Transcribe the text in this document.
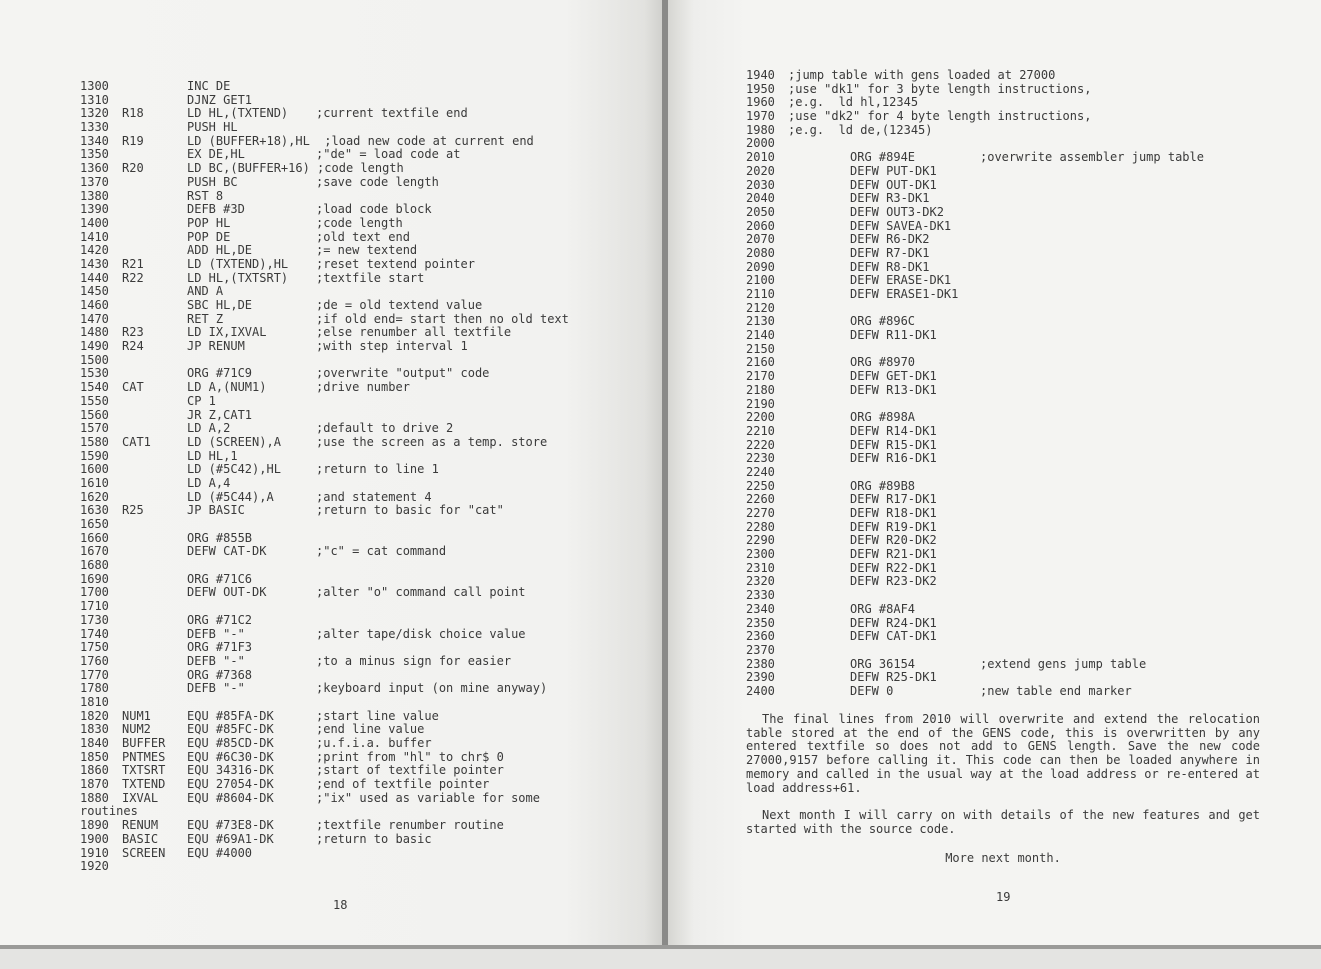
1300	INC DE
1310	DJNZ GET1
1320 R18	LD HL,(TXTEND) ;current textfile end
1330	PUSH HL
1340 R19	LD (BUFFER+18),HL  ;load new code at current end
1350	EX DE,HL	;"de" = load code at
1360 R20	LD BC,(BUFFER+16) ;code length
1370	PUSH BC	;save code length
1380	RST 8
1390	DEFB #3D	;load code block
1400	POP HL	;code length
1410	POP DE	;old text end
1420	ADD HL,DE	;= new textend
1430 R21	LD (TXTEND),HL ;reset textend pointer
1440 R22	LD HL,(TXTSRT) ;textfile start
1450	AND A
1460	SBC HL,DE	;de = old textend value
1470	RET Z	;if old end= start then no old text
1480 R23	LD IX,IXVAL	;else renumber all textfile
1490 R24	JP RENUM	;with step interval 1
1500
1530	ORG #71C9	;overwrite "output" code
1540 CAT	LD A,(NUM1)	;drive number
1550	CP 1
1560	JR Z,CAT1
1570	LD A,2	;default to drive 2
1580 CAT1	LD (SCREEN),A	;use the screen as a temp. store
1590	LD HL,1
1600	LD (#5C42),HL	;return to line 1
1610	LD A,4
1620	LD (#5C44),A	;and statement 4
1630 R25	JP BASIC	;return to basic for "cat"
1650
1660	ORG #855B
1670	DEFW CAT-DK	;"c" = cat command
1680
1690	ORG #71C6
1700	DEFW OUT-DK	;alter "o" command call point
1710
1730	ORG #71C2
1740	DEFB "-"	;alter tape/disk choice value
1750	ORG #71F3
1760	DEFB "-"	;to a minus sign for easier
1770	ORG #7368
1780	DEFB "-"	;keyboard input (on mine anyway)
1810
1820 NUM1	EQU #85FA-DK	;start line value
1830 NUM2	EQU #85FC-DK	;end line value
1840 BUFFER EQU #85CD-DK	;u.f.i.a. buffer
1850 PNTMES EQU #6C30-DK	;print from "hl" to chr$ 0
1860 TXTSRT EQU 34316-DK	;start of textfile pointer
1870 TXTEND EQU 27054-DK	;end of textfile pointer
1880 IXVAL EQU #8604-DK	;"ix" used as variable for some
routines
1890 RENUM EQU #73E8-DK	;textfile renumber routine
1900 BASIC EQU #69A1-DK	;return to basic
1910 SCREEN EQU #4000
1920
18
1940 ;jump table with gens loaded at 27000
1950 ;use "dk1" for 3 byte length instructions,
1960 ;e.g.  ld hl,12345
1970 ;use "dk2" for 4 byte length instructions,
1980 ;e.g.  ld de,(12345)
2000
2010	ORG #894E	;overwrite assembler jump table
2020	DEFW PUT-DK1
2030	DEFW OUT-DK1
2040	DEFW R3-DK1
2050	DEFW OUT3-DK2
2060	DEFW SAVEA-DK1
2070	DEFW R6-DK2
2080	DEFW R7-DK1
2090	DEFW R8-DK1
2100	DEFW ERASE-DK1
2110	DEFW ERASE1-DK1
2120
2130	ORG #896C
2140	DEFW R11-DK1
2150
2160	ORG #8970
2170	DEFW GET-DK1
2180	DEFW R13-DK1
2190
2200	ORG #898A
2210	DEFW R14-DK1
2220	DEFW R15-DK1
2230	DEFW R16-DK1
2240
2250	ORG #89B8
2260	DEFW R17-DK1
2270	DEFW R18-DK1
2280	DEFW R19-DK1
2290	DEFW R20-DK2
2300	DEFW R21-DK1
2310	DEFW R22-DK1
2320	DEFW R23-DK2
2330
2340	ORG #8AF4
2350	DEFW R24-DK1
2360	DEFW CAT-DK1
2370
2380	ORG 36154	;extend gens jump table
2390	DEFW R25-DK1
2400	DEFW 0	;new table end marker

The final lines from 2010 will overwrite and extend the relocation table stored at the end of the GENS code, this is overwritten by any entered textfile so does not add to GENS length. Save the new code 27000,9157 before calling it. This code can then be loaded anywhere in memory and called in the usual way at the load address or re-entered at load address+61.

Next month I will carry on with details of the new features and get started with the source code.

More next month.
19
